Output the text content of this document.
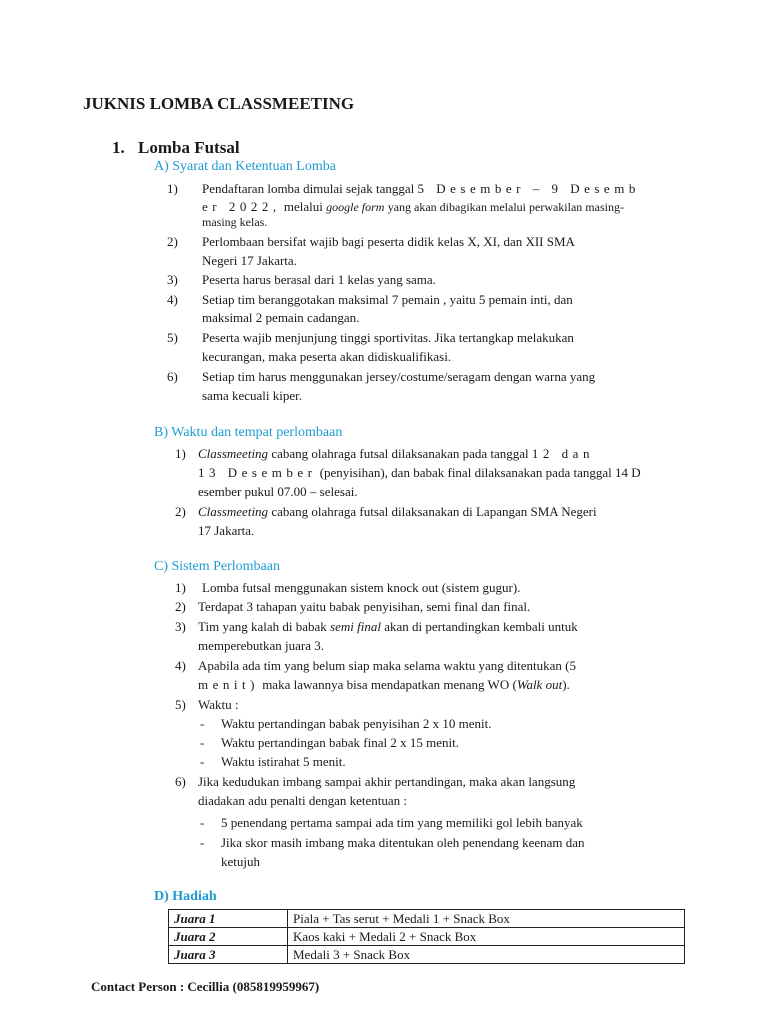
JUKNIS LOMBA CLASSMEETING
1. Lomba Futsal
A) Syarat dan Ketentuan Lomba
1) Pendaftaran lomba dimulai sejak tanggal 5 Desember – 9 Desemb
er 2022, melalui google form yang akan dibagikan melalui perwakilan masing-
masing kelas.
2) Perlombaan bersifat wajib bagi peserta didik kelas X, XI, dan XII SMA
Negeri 17 Jakarta.
3) Peserta harus berasal dari 1 kelas yang sama.
4) Setiap tim beranggotakan maksimal 7 pemain , yaitu 5 pemain inti, dan
maksimal 2 pemain cadangan.
5) Peserta wajib menjunjung tinggi sportivitas. Jika tertangkap melakukan
kecurangan, maka peserta akan didiskualifikasi.
6) Setiap tim harus menggunakan jersey/costume/seragam dengan warna yang
sama kecuali kiper.
B) Waktu dan tempat perlombaan
1) Classmeeting cabang olahraga futsal dilaksanakan pada tanggal 12 dan
13 Desember (penyisihan), dan babak final dilaksanakan pada tanggal 14 D
esember pukul 07.00 – selesai.
2) Classmeeting cabang olahraga futsal dilaksanakan di Lapangan SMA Negeri
17 Jakarta.
C) Sistem Perlombaan
1) Lomba futsal menggunakan sistem knock out (sistem gugur).
2) Terdapat 3 tahapan yaitu babak penyisihan, semi final dan final.
3) Tim yang kalah di babak semi final akan di pertandingkan kembali untuk
memperebutkan juara 3.
4) Apabila ada tim yang belum siap maka selama waktu yang ditentukan (5
menit) maka lawannya bisa mendapatkan menang WO (Walk out).
5) Waktu :
- Waktu pertandingan babak penyisihan 2 x 10 menit.
- Waktu pertandingan babak final 2 x 15 menit.
- Waktu istirahat 5 menit.
6) Jika kedudukan imbang sampai akhir pertandingan, maka akan langsung
diadakan adu penalti dengan ketentuan :
- 5 penendang pertama sampai ada tim yang memiliki gol lebih banyak
- Jika skor masih imbang maka ditentukan oleh penendang keenam dan
ketujuh
D) Hadiah
Juara 1	Piala + Tas serut + Medali 1 + Snack Box
Juara 2	Kaos kaki + Medali 2 + Snack Box
Juara 3	Medali 3 + Snack Box
Contact Person : Cecillia (085819959967)
